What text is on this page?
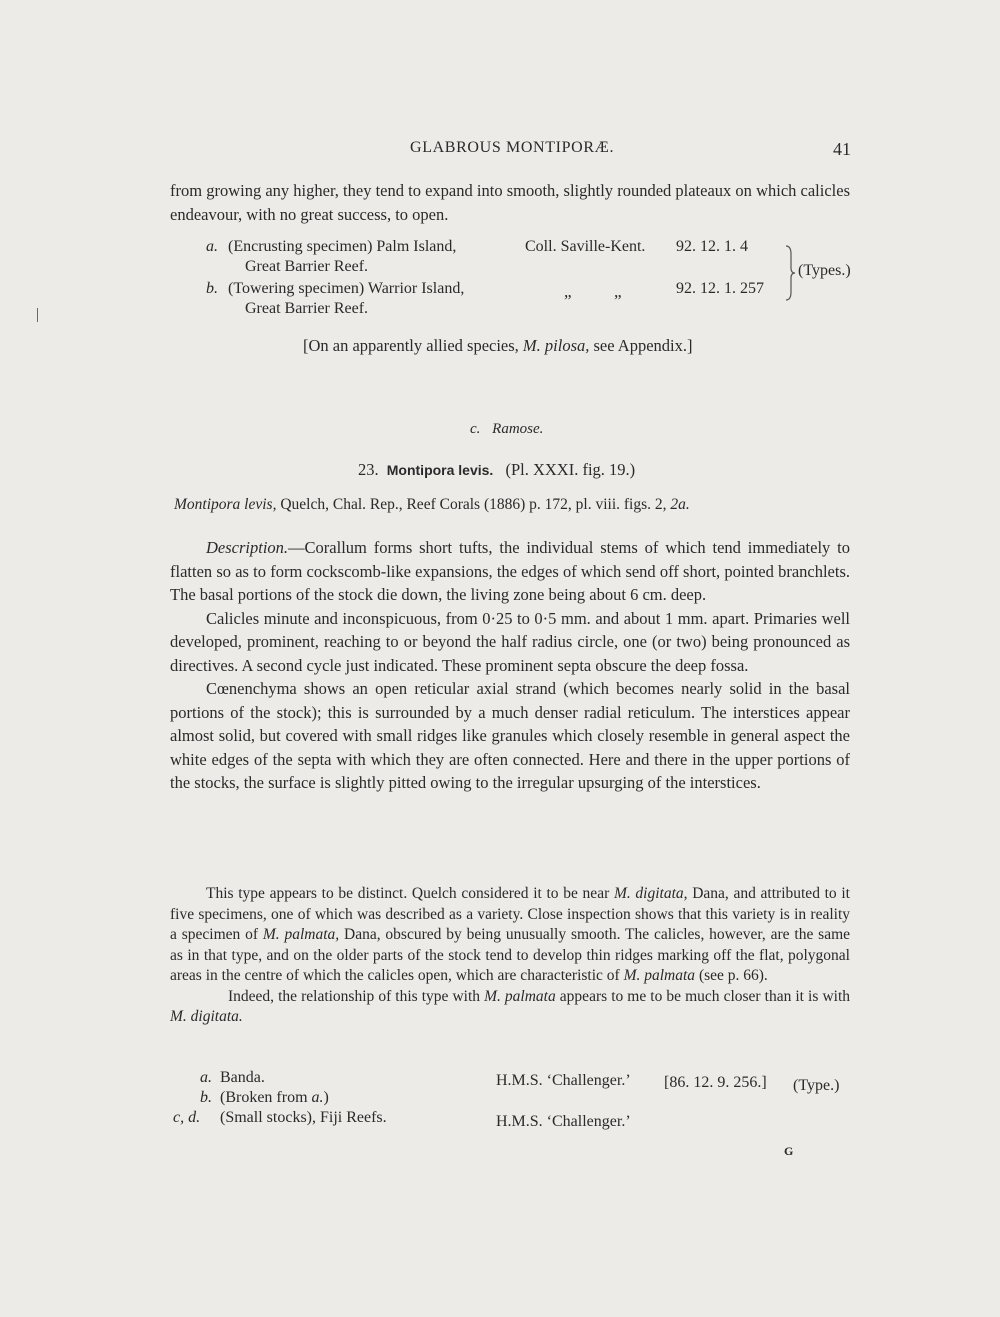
GLABROUS MONTIPORÆ.	41

from growing any higher, they tend to expand into smooth, slightly rounded plateaux on which calicles endeavour, with no great success, to open.

a. (Encrusting specimen) Palm Island,
Great Barrier Reef.
Coll. Saville-Kent. 92. 12. 1. 4
b. (Towering specimen) Warrior Island,
Great Barrier Reef.
„ „	92. 12. 1. 257
(Types.)
[On an apparently allied species, M. pilosa, see Appendix.]
c. Ramose.
23. Montipora levis. (Pl. XXXI. fig. 19.)
Montipora levis, Quelch, Chal. Rep., Reef Corals (1886) p. 172, pl. viii. figs. 2, 2a.

Description.—Corallum forms short tufts, the individual stems of which tend immediately to flatten so as to form cockscomb-like expansions, the edges of which send off short, pointed branchlets. The basal portions of the stock die down, the living zone being about 6 cm. deep.

Calicles minute and inconspicuous, from 0·25 to 0·5 mm. and about 1 mm. apart. Primaries well developed, prominent, reaching to or beyond the half radius circle, one (or two) being pronounced as directives. A second cycle just indicated. These prominent septa obscure the deep fossa.

Cœnenchyma shows an open reticular axial strand (which becomes nearly solid in the basal portions of the stock); this is surrounded by a much denser radial reticulum. The interstices appear almost solid, but covered with small ridges like granules which closely resemble in general aspect the white edges of the septa with which they are often connected. Here and there in the upper portions of the stocks, the surface is slightly pitted owing to the irregular upsurging of the interstices.

This type appears to be distinct. Quelch considered it to be near M. digitata, Dana, and attributed to it five specimens, one of which was described as a variety. Close inspection shows that this variety is in reality a specimen of M. palmata, Dana, obscured by being unusually smooth. The calicles, however, are the same as in that type, and on the older parts of the stock tend to develop thin ridges marking off the flat, polygonal areas in the centre of which the calicles open, which are characteristic of M. palmata (see p. 66).

Indeed, the relationship of this type with M. palmata appears to me to be much closer than it is with M. digitata.

a. Banda.	H.M.S. ‘Challenger.’ [86. 12. 9. 256.] (Type.)
b. (Broken from a.)
c, d. (Small stocks), Fiji Reefs.	H.M.S. ‘Challenger.’
G
